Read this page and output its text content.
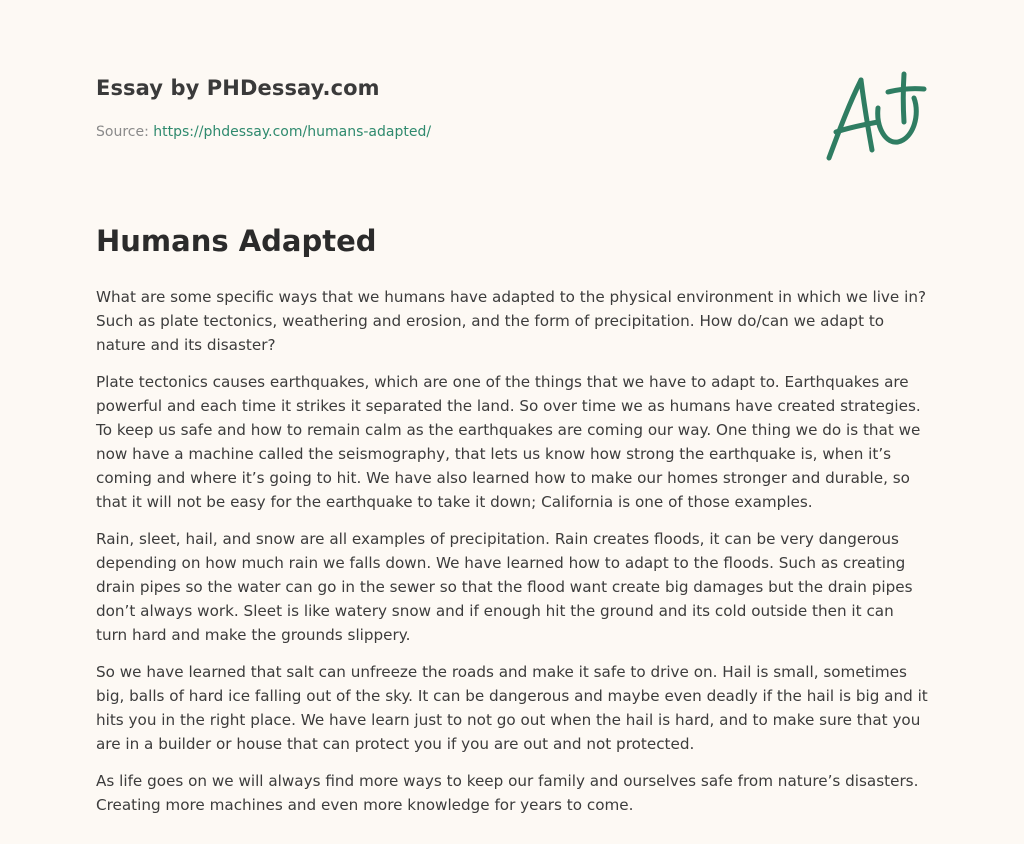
Essay by PHDessay.com

Source: https://phdessay.com/humans-adapted/

Humans Adapted

What are some specific ways that we humans have adapted to the physical environment in which we live in? Such as plate tectonics, weathering and erosion, and the form of precipitation. How do/can we adapt to nature and its disaster?

Plate tectonics causes earthquakes, which are one of the things that we have to adapt to. Earthquakes are powerful and each time it strikes it separated the land. So over time we as humans have created strategies. To keep us safe and how to remain calm as the earthquakes are coming our way. One thing we do is that we now have a machine called the seismography, that lets us know how strong the earthquake is, when it’s coming and where it’s going to hit. We have also learned how to make our homes stronger and durable, so that it will not be easy for the earthquake to take it down; California is one of those examples.

Rain, sleet, hail, and snow are all examples of precipitation. Rain creates floods, it can be very dangerous depending on how much rain we falls down. We have learned how to adapt to the floods. Such as creating drain pipes so the water can go in the sewer so that the flood want create big damages but the drain pipes don’t always work. Sleet is like watery snow and if enough hit the ground and its cold outside then it can turn hard and make the grounds slippery.

So we have learned that salt can unfreeze the roads and make it safe to drive on. Hail is small, sometimes big, balls of hard ice falling out of the sky. It can be dangerous and maybe even deadly if the hail is big and it hits you in the right place. We have learn just to not go out when the hail is hard, and to make sure that you are in a builder or house that can protect you if you are out and not protected.

As life goes on we will always find more ways to keep our family and ourselves safe from nature’s disasters. Creating more machines and even more knowledge for years to come.
